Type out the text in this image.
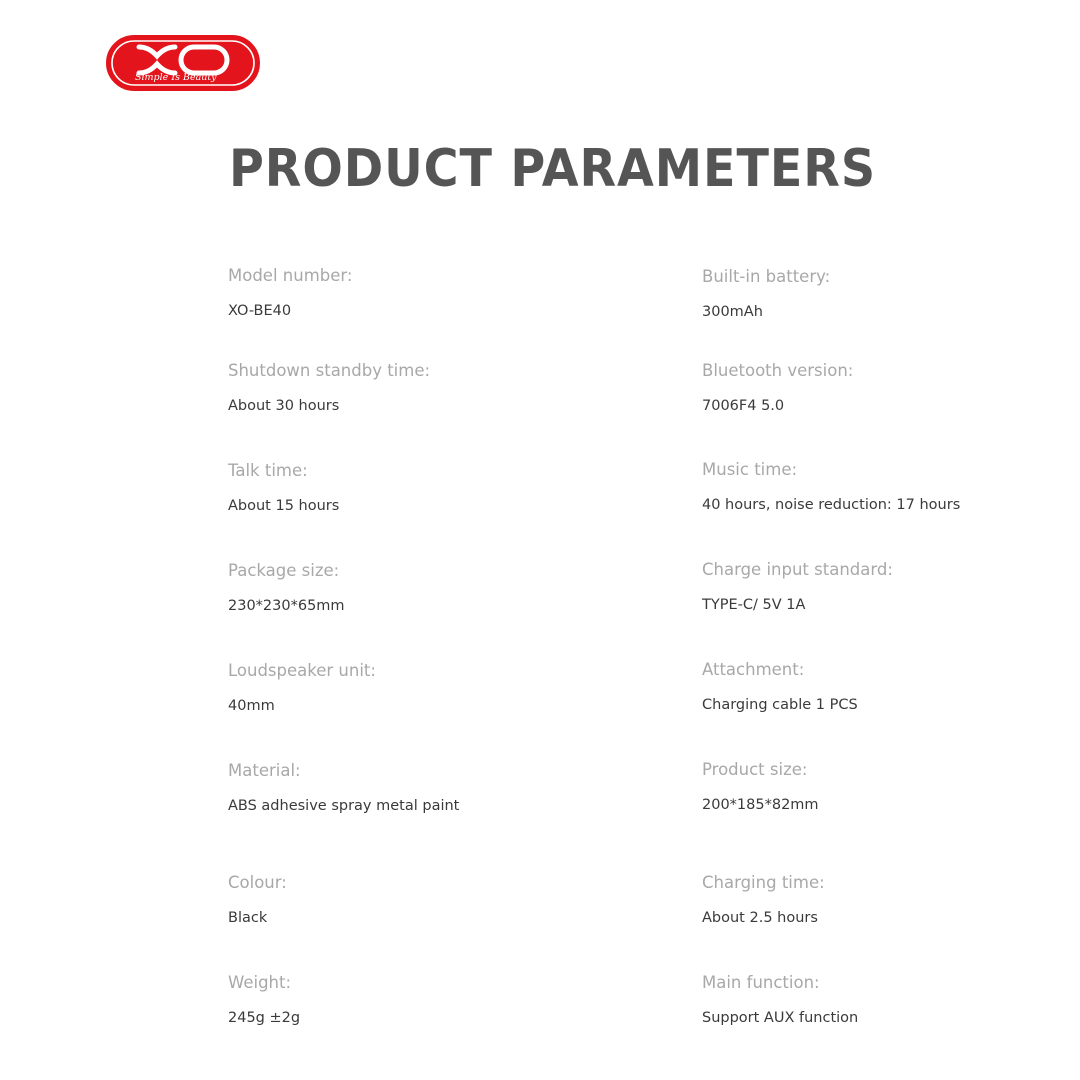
Simple Is Beauty
PRODUCT PARAMETERS
Model number:
XO-BE40
Shutdown standby time:
About 30 hours
Talk time:
About 15 hours
Package size:
230*230*65mm
Loudspeaker unit:
40mm
Material:
ABS adhesive spray metal paint
Colour:
Black
Weight:
245g ±2g
Built-in battery:
300mAh
Bluetooth version:
7006F4 5.0
Music time:
40 hours, noise reduction: 17 hours
Charge input standard:
TYPE-C/ 5V 1A
Attachment:
Charging cable 1 PCS
Product size:
200*185*82mm
Charging time:
About 2.5 hours
Main function:
Support AUX function
